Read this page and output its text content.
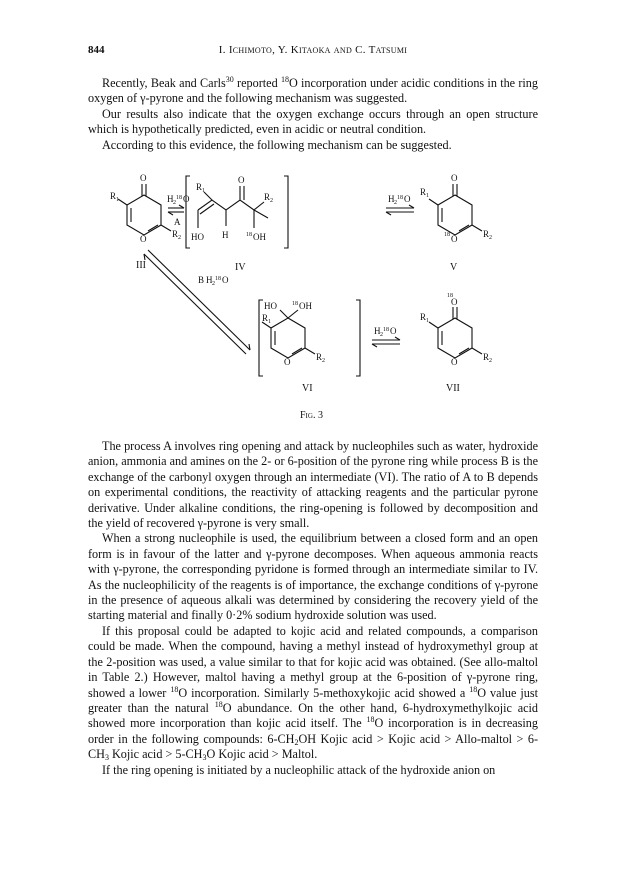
844	I. Ichimoto, Y. Kitaoka and C. Tatsumi

Recently, Beak and Carls$^{30}$ reported $^{18}$O incorporation under acidic conditions in the ring oxygen of γ-pyrone and the following mechanism was suggested.

Our results also indicate that the oxygen exchange occurs through an open structure which is hypothetically predicted, even in acidic or neutral condition.

According to this evidence, the following mechanism can be suggested.

O
R 1
O	R 2
III
H 2
18 O
A
O
R 1
R 2
HO H	18 OH
IV
H 2
18 O
O
R 1
18 O	R 2
V
B H 2
18 O
HO	18 OH
R 1
O	R 2
VI
H 2
18 O
18
O
R 1
O	R 2
VII
Fig. 3

The process A involves ring opening and attack by nucleophiles such as water, hydroxide anion, ammonia and amines on the 2- or 6-position of the pyrone ring while process B is the exchange of the carbonyl oxygen through an intermediate (VI). The ratio of A to B depends on experimental conditions, the reactivity of attacking reagents and the particular pyrone derivative. Under alkaline conditions, the ring-opening is followed by decomposition and the yield of recovered γ-pyrone is very small.

When a strong nucleophile is used, the equilibrium between a closed form and an open form is in favour of the latter and γ-pyrone decomposes. When aqueous ammonia reacts with γ-pyrone, the corresponding pyridone is formed through an intermediate similar to IV. As the nucleophilicity of the reagents is of importance, the exchange conditions of γ-pyrone in the presence of aqueous alkali was determined by considering the recovery yield of the starting material and finally 0·2% sodium hydroxide solution was used.

If this proposal could be adapted to kojic acid and related compounds, a comparison could be made. When the compound, having a methyl instead of hydroxymethyl group at the 2-position was used, a value similar to that for kojic acid was obtained. (See allo-maltol in Table 2.) However, maltol having a methyl group at the 6-position of γ-pyrone ring, showed a lower $^{18}$O incorporation. Similarly 5-methoxykojic acid showed a $^{18}$O value just greater than the natural $^{18}$O abundance. On the other hand, 6-hydroxymethylkojic acid showed more incorporation than kojic acid itself. The $^{18}$O incorporation is in decreasing order in the following compounds: $6-CH_2OH$ Kojic acid > Kojic acid > Allo-maltol > $6-CH_3$ Kojic acid > $5-CH_3O$ Kojic acid > Maltol.

If the ring opening is initiated by a nucleophilic attack of the hydroxide anion on
